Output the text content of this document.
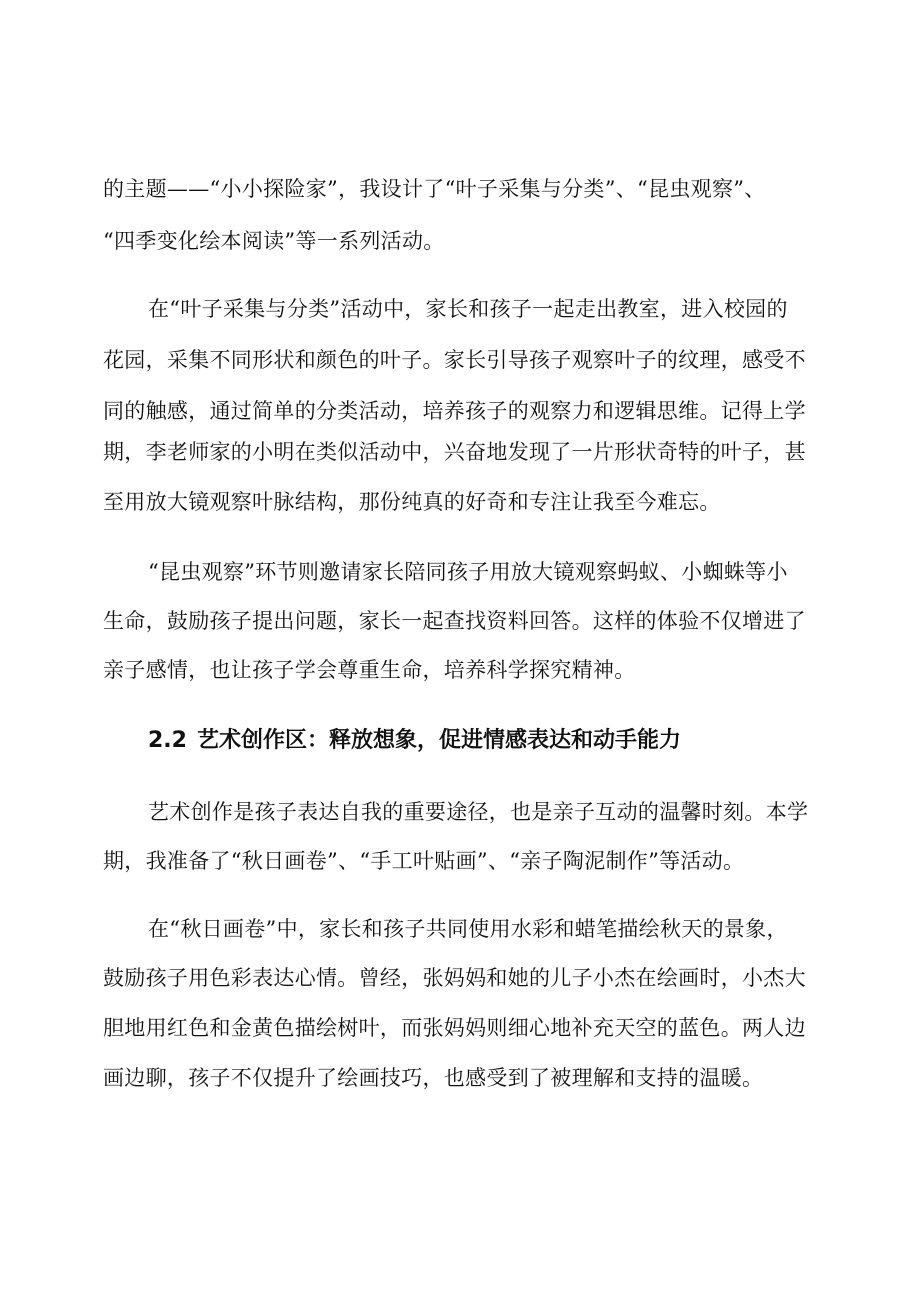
的主题——“小小探险家”，我设计了“叶子采集与分类”、“昆虫观察”、
“四季变化绘本阅读”等一系列活动。
在“叶子采集与分类”活动中，家长和孩子一起走出教室，进入校园的
花园，采集不同形状和颜色的叶子。家长引导孩子观察叶子的纹理，感受不
同的触感，通过简单的分类活动，培养孩子的观察力和逻辑思维。记得上学
期，李老师家的小明在类似活动中，兴奋地发现了一片形状奇特的叶子，甚
至用放大镜观察叶脉结构，那份纯真的好奇和专注让我至今难忘。
“昆虫观察”环节则邀请家长陪同孩子用放大镜观察蚂蚁、小蜘蛛等小
生命，鼓励孩子提出问题，家长一起查找资料回答。这样的体验不仅增进了
亲子感情，也让孩子学会尊重生命，培养科学探究精神。
2.2 艺术创作区：释放想象，促进情感表达和动手能力
艺术创作是孩子表达自我的重要途径，也是亲子互动的温馨时刻。本学
期，我准备了“秋日画卷”、“手工叶贴画”、“亲子陶泥制作”等活动。
在“秋日画卷”中，家长和孩子共同使用水彩和蜡笔描绘秋天的景象，
鼓励孩子用色彩表达心情。曾经，张妈妈和她的儿子小杰在绘画时，小杰大
胆地用红色和金黄色描绘树叶，而张妈妈则细心地补充天空的蓝色。两人边
画边聊，孩子不仅提升了绘画技巧，也感受到了被理解和支持的温暖。
